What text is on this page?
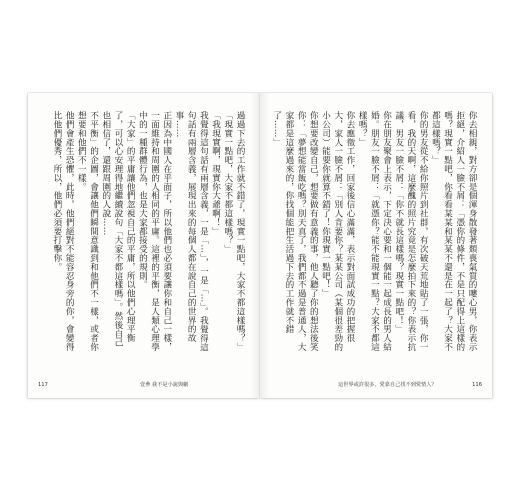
過過下去的工作就不錯了，現實一點吧，大家不都這樣嗎？」

「現實一點吧，大家不都這樣嗎？」

「我現實啊，現實你大爺啊！」

我覺得這句話有兩層含義，一是「…」，一是「…」。我覺得這句話有兩層含義，展現出來的每個人都在說自己的世界的故事……

正因為中國人在乎面子，所以他們也必須要讓你和自己一樣，一面維持和周圍的人相同的平庸。這裡的平衡，是人類心理學中的一種群體行為，也是大家都接受的規則。

「大家」的平庸讓他們忽視自己的平庸，所以他們心理平衡了，可以心安理得地繼續說句「大家不都這樣嗎」。然後自己也相信了，還跟周圍的人說……

不平衡」的企圖，會讓他們瞬間意識到和他們不一樣，或者你想要和他們不一樣。

他們會產生恐懼，此時，他們絕對不能容忍身旁的你，會變得比他們優秀，所以，他們必須要打擊你。

117	壹參 我不是小說與劇

你去相親，對方卻是個渾身散發著頹喪氣質的嘍心男，你表示拒絕，介紹人一臉不屑：「憑你的條件，不是只配得上這樣的嗎？現實一點吧，你看看某某和某某不還是在一起了？大家不都這樣嗎？」

你的男友從不給你照片到社群，有次破天荒地貼了一張，你一看，我的天啊，這麼醜的照片究竟是怎麼拍下來的？你表示抗議，男友一臉不屑：「你不就長這樣嗎？現實一點吧！」

你在朋友聚會上表示，下定決心要和一個能一起成長的男人結婚。朋友一臉不屑：「就憑你？能不能現實一點？大家不都這樣嗎？」

你去應徵工作，回家後信心滿滿，表示對面試成功的把握很大，家人一臉不屑：「別人肯要你？某某公司（某個很差勁的小公司）能要你就算不錯了！你現實一點吧！」

你想要改變自己，想要做有意義的事，他人聽了你的想法後笑你：「夢想能當飯吃嗎？別天真了，我們都不過是普通人，大家都是這麼過來的，你找個能把生活過下去的工作就不錯了……」

這世界或許很多，愛靠自己找不到愛情人？	116
